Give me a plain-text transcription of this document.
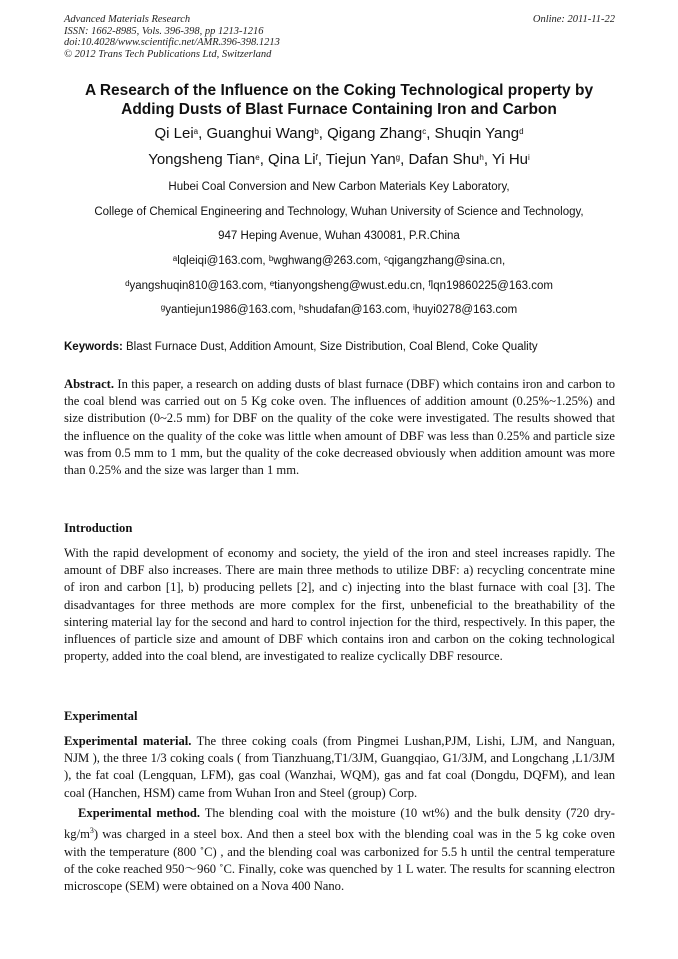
Advanced Materials Research
ISSN: 1662-8985, Vols. 396-398, pp 1213-1216
doi:10.4028/www.scientific.net/AMR.396-398.1213
© 2012 Trans Tech Publications Ltd, Switzerland
Online: 2011-11-22
A Research of the Influence on the Coking Technological property by
Adding Dusts of Blast Furnace Containing Iron and Carbon
Qi Lei$^a$, Guanghui Wang$^b$, Qigang Zhang$^c$, Shuqin Yang$^d$
Yongsheng Tian$^e$, Qina Li$^f$, Tiejun Yan$^g$, Dafan Shu$^h$, Yi Hu$^i$
Hubei Coal Conversion and New Carbon Materials Key Laboratory,
College of Chemical Engineering and Technology, Wuhan University of Science and Technology,
947 Heping Avenue, Wuhan 430081, P.R.China
$^a$lqleiqi@163.com, $^b$wghwang@263.com, $^c$qigangzhang@sina.cn,
$^d$yangshuqin810@163.com, $^e$tianyongsheng@wust.edu.cn, $^f$lqn19860225@163.com
$^g$yantiejun1986@163.com, $^h$shudafan@163.com, $^i$huyi0278@163.com
Keywords: Blast Furnace Dust, Addition Amount, Size Distribution, Coal Blend, Coke Quality

Abstract. In this paper, a research on adding dusts of blast furnace (DBF) which contains iron and carbon to the coal blend was carried out on 5 Kg coke oven. The influences of addition amount (0.25%~1.25%) and size distribution (0~2.5 mm) for DBF on the quality of the coke were investigated. The results showed that the influence on the quality of the coke was little when amount of DBF was less than 0.25% and particle size was from 0.5 mm to 1 mm, but the quality of the coke decreased obviously when addition amount was more than 0.25% and the size was larger than 1 mm.

Introduction

With the rapid development of economy and society, the yield of the iron and steel increases rapidly. The amount of DBF also increases. There are main three methods to utilize DBF: a) recycling concentrate mine of iron and carbon [1], b) producing pellets [2], and c) injecting into the blast furnace with coal [3]. The disadvantages for three methods are more complex for the first, unbeneficial to the breathability of the sintering material lay for the second and hard to control injection for the third, respectively. In this paper, the influences of particle size and amount of DBF which contains iron and carbon on the coking technological property, added into the coal blend, are investigated to realize cyclically DBF resource.

Experimental

Experimental material. The three coking coals (from Pingmei Lushan,PJM, Lishi, LJM, and Nanguan, NJM ), the three 1/3 coking coals ( from Tianzhuang,T1/3JM, Guangqiao, G1/3JM, and Longchang ,L1/3JM ), the fat coal (Lengquan, LFM), gas coal (Wanzhai, WQM), gas and fat coal (Dongdu, DQFM), and lean coal (Hanchen, HSM) came from Wuhan Iron and Steel (group) Corp.

Experimental method. The blending coal with the moisture (10 wt%) and the bulk density (720 dry-$kg/m^3$) was charged in a steel box. And then a steel box with the blending coal was in the 5 kg coke oven with the temperature (800 ˚C) , and the blending coal was carbonized for 5.5 h until the central temperature of the coke reached 950～960 ˚C. Finally, coke was quenched by 1 L water. The results for scanning electron microscope (SEM) were obtained on a Nova 400 Nano.
